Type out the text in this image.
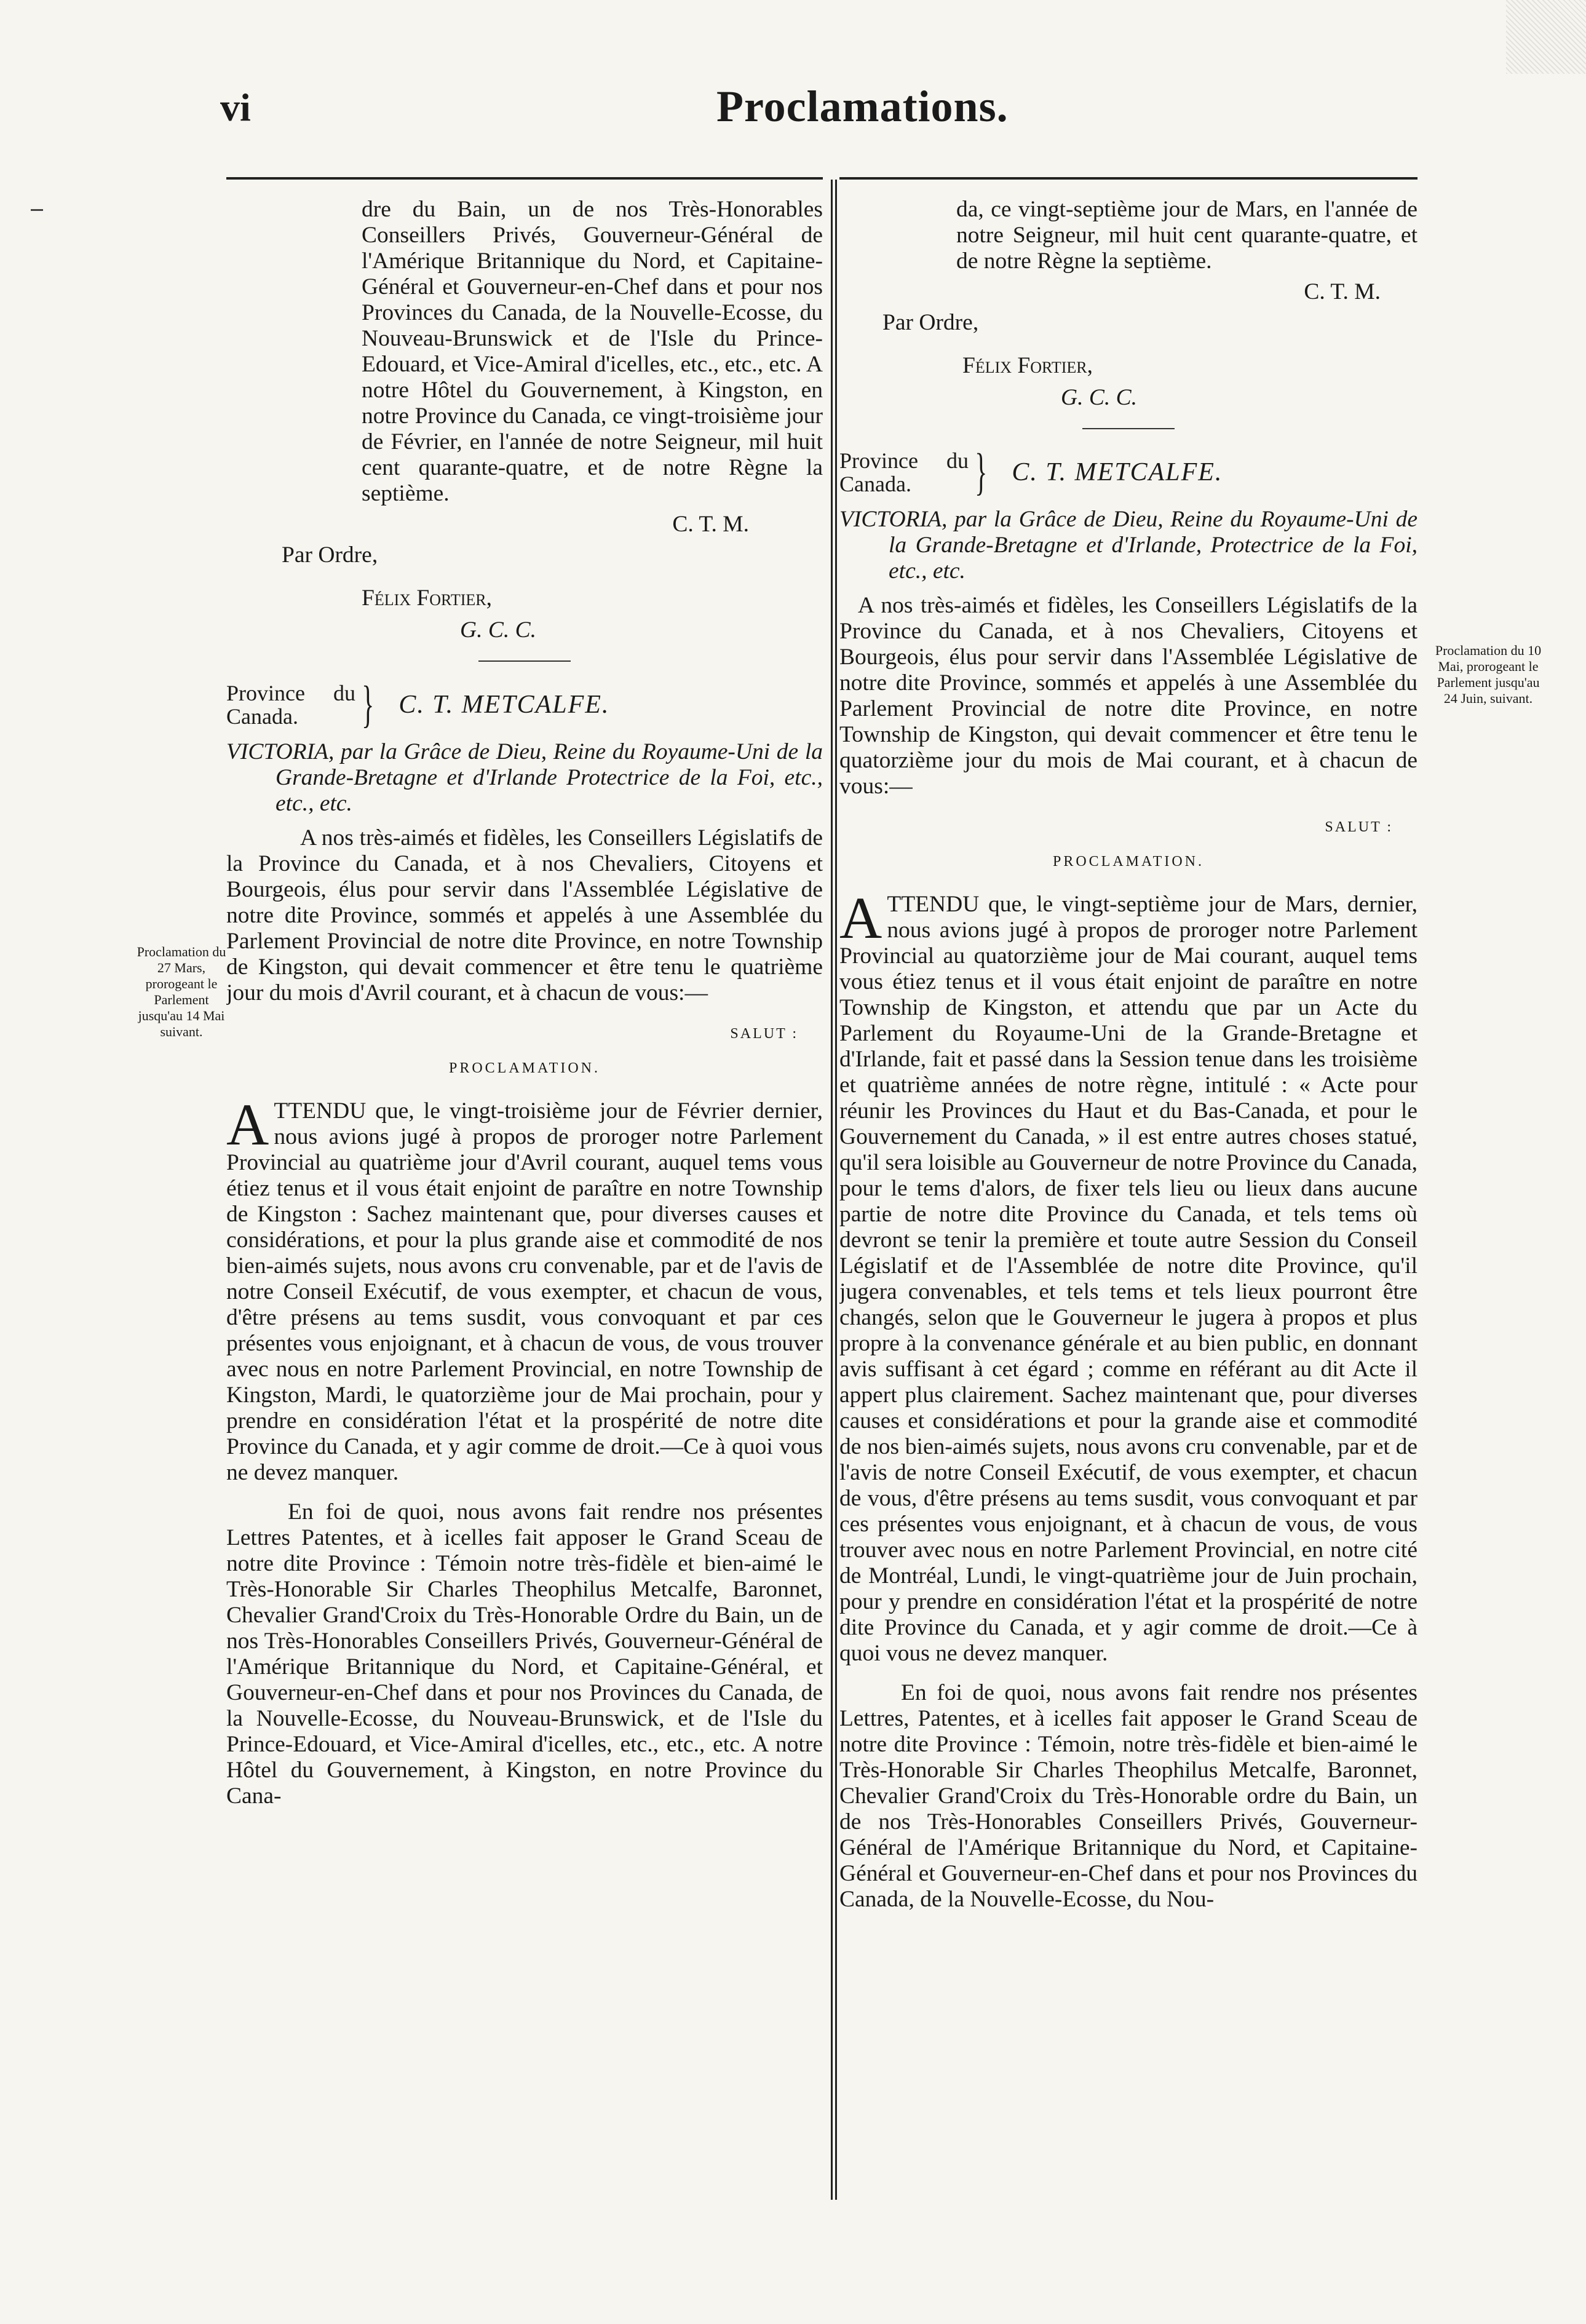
vi	Proclamations.

dre du Bain, un de nos Très-Honorables Conseillers Privés, Gouverneur-Général de l'Amérique Britannique du Nord, et Capitaine-Général et Gouverneur-en-Chef dans et pour nos Provinces du Canada, de la Nouvelle-Ecosse, du Nouveau-Brunswick et de l'Isle du Prince-Edouard, et Vice-Amiral d'icelles, etc., etc., etc. A notre Hôtel du Gouvernement, à Kingston, en notre Province du Canada, ce vingt-troisième jour de Février, en l'année de notre Seigneur, mil huit cent quarante-quatre, et de notre Règne la septième.

C. T. M.

Par Ordre,

Félix Fortier,

G. C. C.

Province du Canada.	} C. T. METCALFE.

VICTORIA, par la Grâce de Dieu, Reine du Royaume-Uni de la Grande-Bretagne et d'Irlande Protectrice de la Foi, etc., etc., etc.

A nos très-aimés et fidèles, les Conseillers Législatifs de la Province du Canada, et à nos Chevaliers, Citoyens et Bourgeois, élus pour servir dans l'Assemblée Législative de notre dite Province, sommés et appelés à une Assemblée du Parlement Provincial de notre dite Province, en notre Township de Kingston, qui devait commencer et être tenu le quatrième jour du mois d'Avril courant, et à chacun de vous:—

SALUT :

PROCLAMATION.

ATTENDU que, le vingt-troisième jour de Février dernier, nous avions jugé à propos de proroger notre Parlement Provincial au quatrième jour d'Avril courant, auquel tems vous étiez tenus et il vous était enjoint de paraître en notre Township de Kingston : Sachez maintenant que, pour diverses causes et considérations, et pour la plus grande aise et commodité de nos bien-aimés sujets, nous avons cru convenable, par et de l'avis de notre Conseil Exécutif, de vous exempter, et chacun de vous, d'être présens au tems susdit, vous convoquant et par ces présentes vous enjoignant, et à chacun de vous, de vous trouver avec nous en notre Parlement Provincial, en notre Township de Kingston, Mardi, le quatorzième jour de Mai prochain, pour y prendre en considération l'état et la prospérité de notre dite Province du Canada, et y agir comme de droit.—Ce à quoi vous ne devez manquer.

En foi de quoi, nous avons fait rendre nos présentes Lettres Patentes, et à icelles fait apposer le Grand Sceau de notre dite Province : Témoin notre très-fidèle et bien-aimé le Très-Honorable Sir Charles Theophilus Metcalfe, Baronnet, Chevalier Grand'Croix du Très-Honorable Ordre du Bain, un de nos Très-Honorables Conseillers Privés, Gouverneur-Général de l'Amérique Britannique du Nord, et Capitaine-Général, et Gouverneur-en-Chef dans et pour nos Provinces du Canada, de la Nouvelle-Ecosse, du Nouveau-Brunswick, et de l'Isle du Prince-Edouard, et Vice-Amiral d'icelles, etc., etc., etc. A notre Hôtel du Gouvernement, à Kingston, en notre Province du Cana-

da, ce vingt-septième jour de Mars, en l'année de notre Seigneur, mil huit cent quarante-quatre, et de notre Règne la septième.

C. T. M.

Par Ordre,

Félix Fortier,

G. C. C.

Province du Canada.	} C. T. METCALFE.

VICTORIA, par la Grâce de Dieu, Reine du Royaume-Uni de la Grande-Bretagne et d'Irlande, Protectrice de la Foi, etc., etc.

A nos très-aimés et fidèles, les Conseillers Législatifs de la Province du Canada, et à nos Chevaliers, Citoyens et Bourgeois, élus pour servir dans l'Assemblée Législative de notre dite Province, sommés et appelés à une Assemblée du Parlement Provincial de notre dite Province, en notre Township de Kingston, qui devait commencer et être tenu le quatorzième jour du mois de Mai courant, et à chacun de vous:—

SALUT :

PROCLAMATION.

ATTENDU que, le vingt-septième jour de Mars, dernier, nous avions jugé à propos de proroger notre Parlement Provincial au quatorzième jour de Mai courant, auquel tems vous étiez tenus et il vous était enjoint de paraître en notre Township de Kingston, et attendu que par un Acte du Parlement du Royaume-Uni de la Grande-Bretagne et d'Irlande, fait et passé dans la Session tenue dans les troisième et quatrième années de notre règne, intitulé : « Acte pour réunir les Provinces du Haut et du Bas-Canada, et pour le Gouvernement du Canada, » il est entre autres choses statué, qu'il sera loisible au Gouverneur de notre Province du Canada, pour le tems d'alors, de fixer tels lieu ou lieux dans aucune partie de notre dite Province du Canada, et tels tems où devront se tenir la première et toute autre Session du Conseil Législatif et de l'Assemblée de notre dite Province, qu'il jugera convenables, et tels tems et tels lieux pourront être changés, selon que le Gouverneur le jugera à propos et plus propre à la convenance générale et au bien public, en donnant avis suffisant à cet égard ; comme en référant au dit Acte il appert plus clairement. Sachez maintenant que, pour diverses causes et considérations et pour la grande aise et commodité de nos bien-aimés sujets, nous avons cru convenable, par et de l'avis de notre Conseil Exécutif, de vous exempter, et chacun de vous, d'être présens au tems susdit, vous convoquant et par ces présentes vous enjoignant, et à chacun de vous, de vous trouver avec nous en notre Parlement Provincial, en notre cité de Montréal, Lundi, le vingt-quatrième jour de Juin prochain, pour y prendre en considération l'état et la prospérité de notre dite Province du Canada, et y agir comme de droit.—Ce à quoi vous ne devez manquer.

En foi de quoi, nous avons fait rendre nos présentes Lettres, Patentes, et à icelles fait apposer le Grand Sceau de notre dite Province : Témoin, notre très-fidèle et bien-aimé le Très-Honorable Sir Charles Theophilus Metcalfe, Baronnet, Chevalier Grand'Croix du Très-Honorable ordre du Bain, un de nos Très-Honorables Conseillers Privés, Gouverneur-Général de l'Amérique Britannique du Nord, et Capitaine-Général et Gouverneur-en-Chef dans et pour nos Provinces du Canada, de la Nouvelle-Ecosse, du Nou-

Proclamation du 27 Mars, prorogeant le Parlement jusqu'au 14 Mai suivant.
Proclamation du 10 Mai, prorogeant le Parlement jusqu'au 24 Juin, suivant.
